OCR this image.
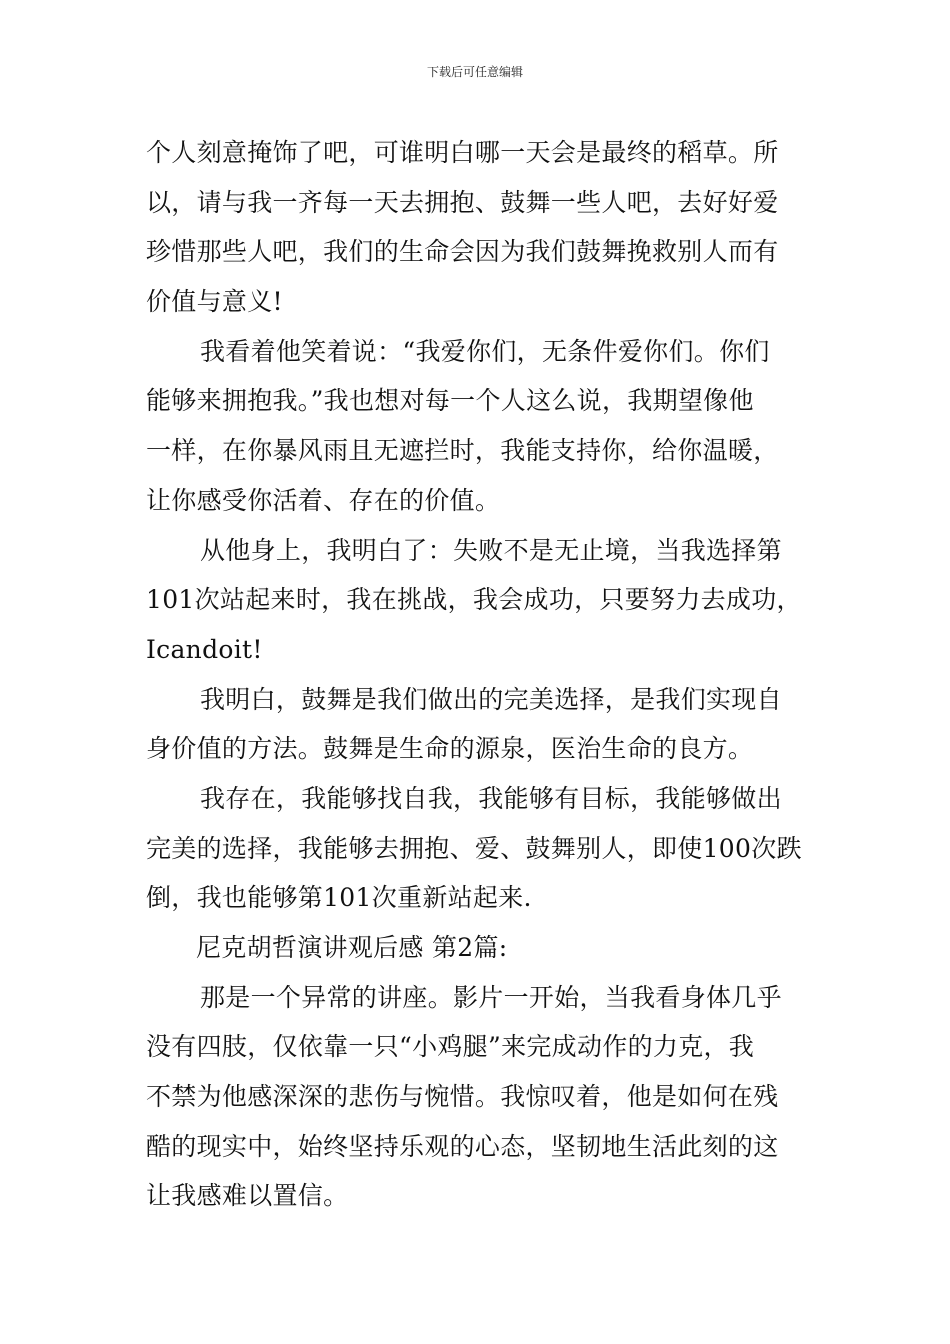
下载后可任意编辑
个人刻意掩饰了吧，可谁明白哪一天会是最终的稻草。所
以，请与我一齐每一天去拥抱、鼓舞一些人吧，去好好爱
珍惜那些人吧，我们的生命会因为我们鼓舞挽救别人而有
价值与意义!
我看着他笑着说：“我爱你们，无条件爱你们。你们
能够来拥抱我。”我也想对每一个人这么说，我期望像他
一样，在你暴风雨且无遮拦时，我能支持你，给你温暖，
让你感受你活着、存在的价值。
从他身上，我明白了：失败不是无止境，当我选择第
101次站起来时，我在挑战，我会成功，只要努力去成功，
Icandoit!
我明白，鼓舞是我们做出的完美选择，是我们实现自
身价值的方法。鼓舞是生命的源泉，医治生命的良方。
我存在，我能够找自我，我能够有目标，我能够做出
完美的选择，我能够去拥抱、爱、鼓舞别人，即使100次跌
倒，我也能够第101次重新站起来.
尼克胡哲演讲观后感 第2篇:
那是一个异常的讲座。影片一开始，当我看身体几乎
没有四肢，仅依靠一只“小鸡腿”来完成动作的力克，我
不禁为他感深深的悲伤与惋惜。我惊叹着，他是如何在残
酷的现实中，始终坚持乐观的心态，坚韧地生活此刻的这
让我感难以置信。
